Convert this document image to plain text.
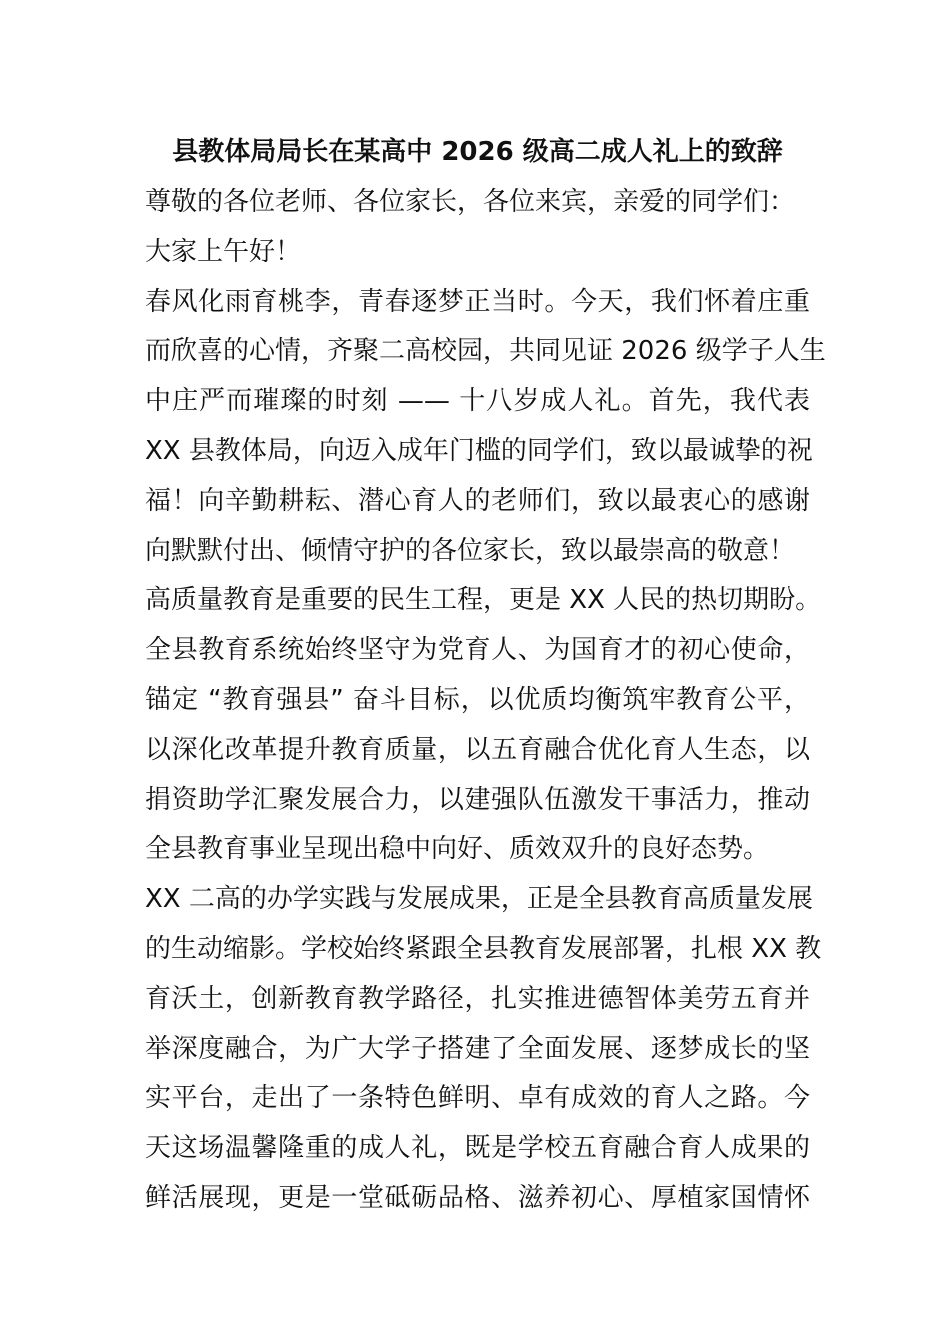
县教体局局长在某高中 2026 级高二成人礼上的致辞
尊敬的各位老师、各位家长，各位来宾，亲爱的同学们：
大家上午好！
春风化雨育桃李，青春逐梦正当时。今天，我们怀着庄重
而欣喜的心情，齐聚二高校园，共同见证 2026 级学子人生
中庄严而璀璨的时刻 —— 十八岁成人礼。首先，我代表
XX 县教体局，向迈入成年门槛的同学们，致以最诚挚的祝
福！向辛勤耕耘、潜心育人的老师们，致以最衷心的感谢
向默默付出、倾情守护的各位家长，致以最崇高的敬意！
高质量教育是重要的民生工程，更是 XX 人民的热切期盼。
全县教育系统始终坚守为党育人、为国育才的初心使命，
锚定 “教育强县” 奋斗目标，以优质均衡筑牢教育公平，
以深化改革提升教育质量，以五育融合优化育人生态，以
捐资助学汇聚发展合力，以建强队伍激发干事活力，推动
全县教育事业呈现出稳中向好、质效双升的良好态势。
XX 二高的办学实践与发展成果，正是全县教育高质量发展
的生动缩影。学校始终紧跟全县教育发展部署，扎根 XX 教
育沃土，创新教育教学路径，扎实推进德智体美劳五育并
举深度融合，为广大学子搭建了全面发展、逐梦成长的坚
实平台，走出了一条特色鲜明、卓有成效的育人之路。今
天这场温馨隆重的成人礼，既是学校五育融合育人成果的
鲜活展现，更是一堂砥砺品格、滋养初心、厚植家国情怀
